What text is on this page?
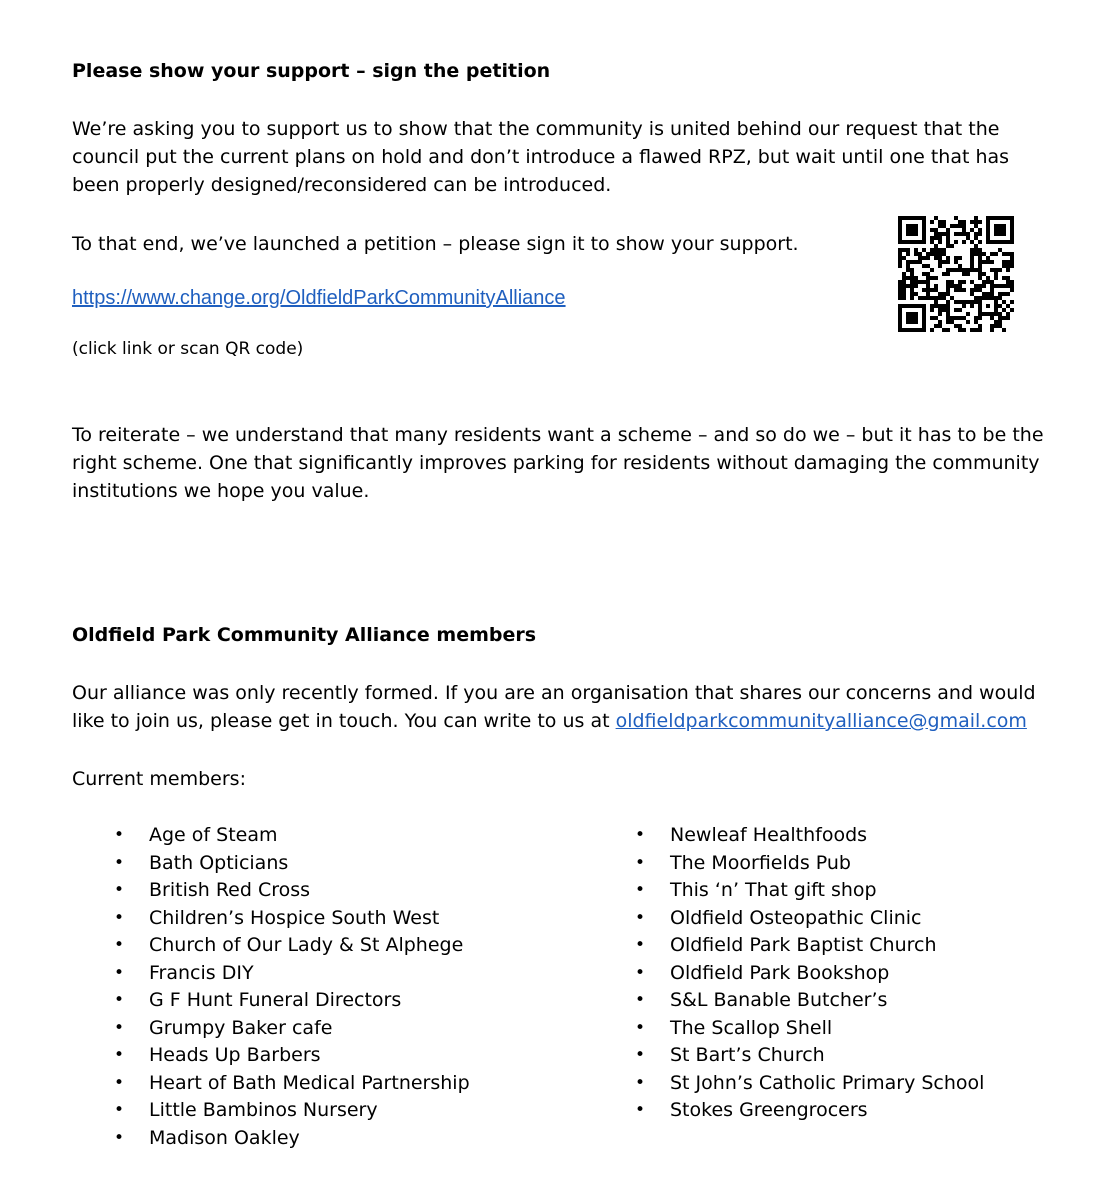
Please show your support – sign the petition
We’re asking you to support us to show that the community is united behind our request that the council put the current plans on hold and don’t introduce a flawed RPZ, but wait until one that has been properly designed/reconsidered can be introduced.
To that end, we’ve launched a petition – please sign it to show your support.
https://www.change.org/OldfieldParkCommunityAlliance
(click link or scan QR code)
To reiterate – we understand that many residents want a scheme – and so do we – but it has to be the right scheme. One that significantly improves parking for residents without damaging the community institutions we hope you value.
Oldfield Park Community Alliance members
Our alliance was only recently formed. If you are an organisation that shares our concerns and would like to join us, please get in touch. You can write to us at oldfieldparkcommunityalliance@gmail.com
Current members:
• Age of Steam
• Bath Opticians
• British Red Cross
• Children’s Hospice South West
• Church of Our Lady & St Alphege
• Francis DIY
• G F Hunt Funeral Directors
• Grumpy Baker cafe
• Heads Up Barbers
• Heart of Bath Medical Partnership
• Little Bambinos Nursery
• Madison Oakley
• Newleaf Healthfoods
• The Moorfields Pub
• This ‘n’ That gift shop
• Oldfield Osteopathic Clinic
• Oldfield Park Baptist Church
• Oldfield Park Bookshop
• S&L Banable Butcher’s
• The Scallop Shell
• St Bart’s Church
• St John’s Catholic Primary School
• Stokes Greengrocers
